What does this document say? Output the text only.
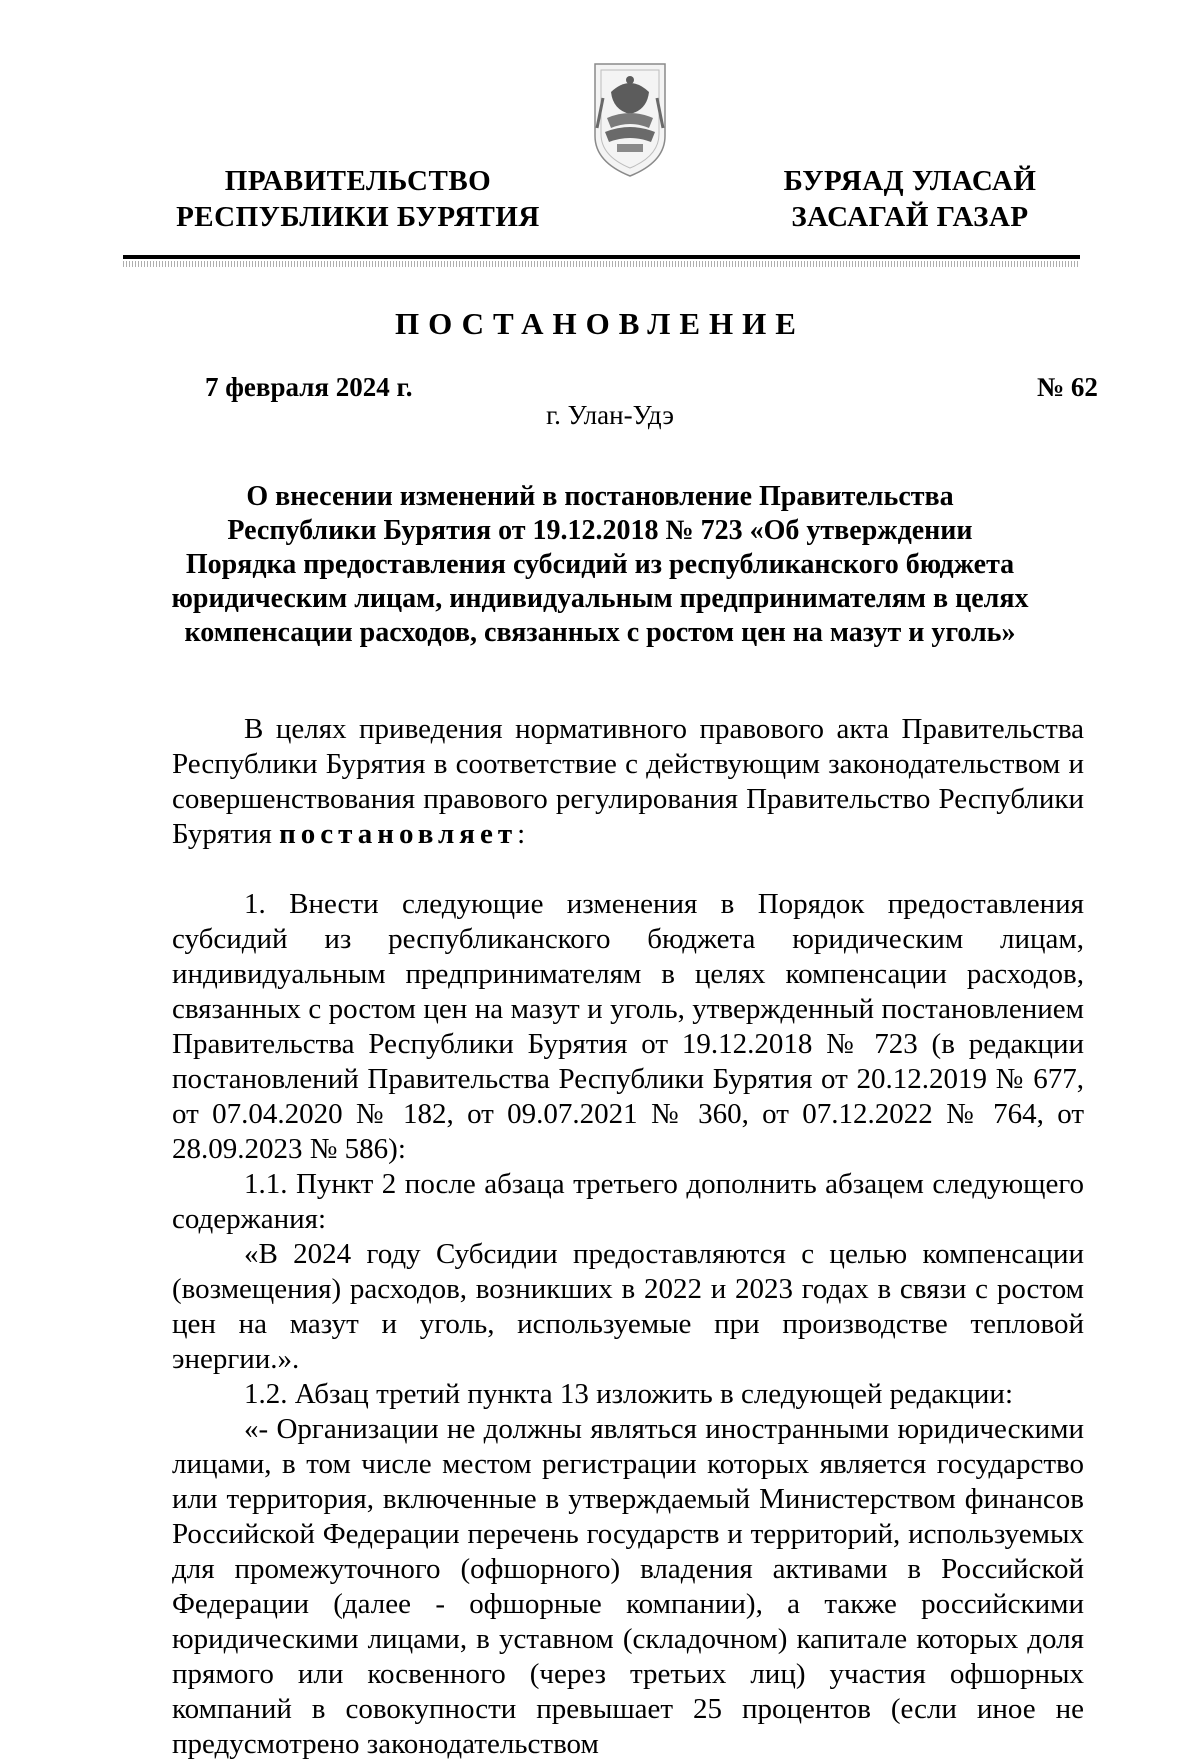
ПРАВИТЕЛЬСТВО
РЕСПУБЛИКИ БУРЯТИЯ
БУРЯАД УЛАСАЙ
ЗАСАГАЙ ГАЗАР
ПОСТАНОВЛЕНИЕ
7 февраля 2024 г.	№ 62
г. Улан-Удэ
О внесении изменений в постановление Правительства
Республики Бурятия от 19.12.2018 № 723 «Об утверждении
Порядка предоставления субсидий из республиканского бюджета
юридическим лицам, индивидуальным предпринимателям в целях
компенсации расходов, связанных с ростом цен на мазут и уголь»

В целях приведения нормативного правового акта Правительства Республики Бурятия в соответствие с действующим законодательством и совершенствования правового регулирования Правительство Республики Бурятия постановляет:

1. Внести следующие изменения в Порядок предоставления субсидий из республиканского бюджета юридическим лицам, индивидуальным предпринимателям в целях компенсации расходов, связанных с ростом цен на мазут и уголь, утвержденный постановлением Правительства Республики Бурятия от 19.12.2018 № 723 (в редакции постановлений Правительства Республики Бурятия от 20.12.2019 № 677, от 07.04.2020 № 182, от 09.07.2021 № 360, от 07.12.2022 № 764, от 28.09.2023 № 586):

1.1. Пункт 2 после абзаца третьего дополнить абзацем следующего содержания:

«В 2024 году Субсидии предоставляются с целью компенсации (возмещения) расходов, возникших в 2022 и 2023 годах в связи с ростом цен на мазут и уголь, используемые при производстве тепловой энергии.».

1.2. Абзац третий пункта 13 изложить в следующей редакции:

«- Организации не должны являться иностранными юридическими лицами, в том числе местом регистрации которых является государство или территория, включенные в утверждаемый Министерством финансов Российской Федерации перечень государств и территорий, используемых для промежуточного (офшорного) владения активами в Российской Федерации (далее - офшорные компании), а также российскими юридическими лицами, в уставном (складочном) капитале которых доля прямого или косвенного (через третьих лиц) участия офшорных компаний в совокупности превышает 25 процентов (если иное не предусмотрено законодательством
